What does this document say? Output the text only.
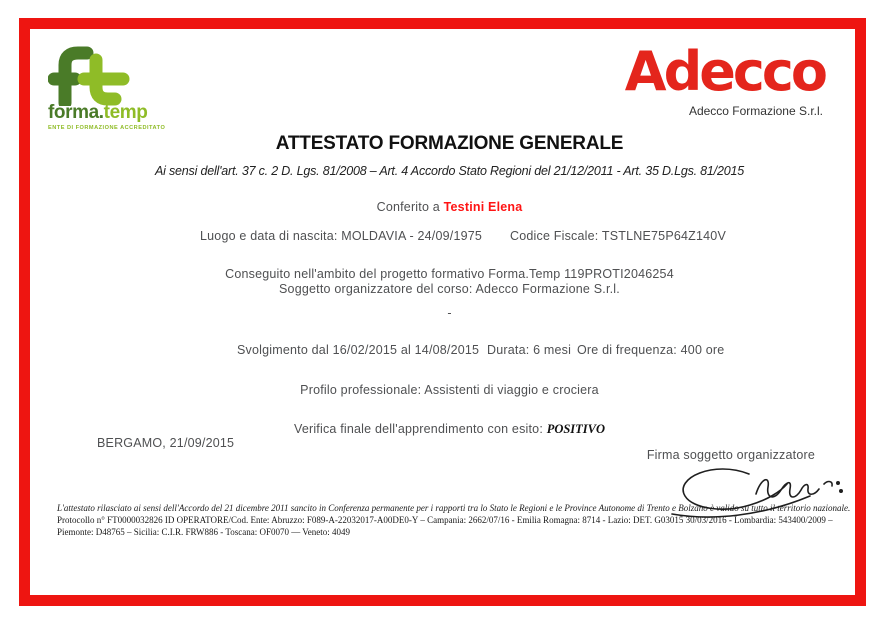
forma.temp
ENTE DI FORMAZIONE ACCREDITATO
Adecco
Adecco Formazione S.r.l.
ATTESTATO FORMAZIONE GENERALE
Ai sensi dell'art. 37 c. 2 D. Lgs. 81/2008 – Art. 4 Accordo Stato Regioni del 21/12/2011 - Art. 35 D.Lgs. 81/2015
Conferito a Testini Elena
Luogo e data di nascita: MOLDAVIA - 24/09/1975 Codice Fiscale: TSTLNE75P64Z140V
Conseguito nell'ambito del progetto formativo Forma.Temp 119PROTI2046254
Soggetto organizzatore del corso: Adecco Formazione S.r.l.
-
Svolgimento dal 16/02/2015 al 14/08/2015 Durata: 6 mesi Ore di frequenza: 400 ore
Profilo professionale: Assistenti di viaggio e crociera
Verifica finale dell'apprendimento con esito: POSITIVO
BERGAMO, 21/09/2015
Firma soggetto organizzatore
L'attestato rilasciato ai sensi dell'Accordo del 21 dicembre 2011 sancito in Conferenza permanente per i rapporti tra lo Stato le Regioni e le Province Autonome di Trento e Bolzano è valido su tutto il territorio nazionale.
Protocollo n° FT0000032826 ID OPERATORE/Cod. Ente: Abruzzo: F089-A-22032017-A00DE0-Y – Campania: 2662/07/16 - Emilia Romagna: 8714 - Lazio: DET. G03015 30/03/2016 - Lombardia: 543400/2009 –
Piemonte: D48765 – Sicilia: C.I.R. FRW886 - Toscana: OF0070 — Veneto: 4049
